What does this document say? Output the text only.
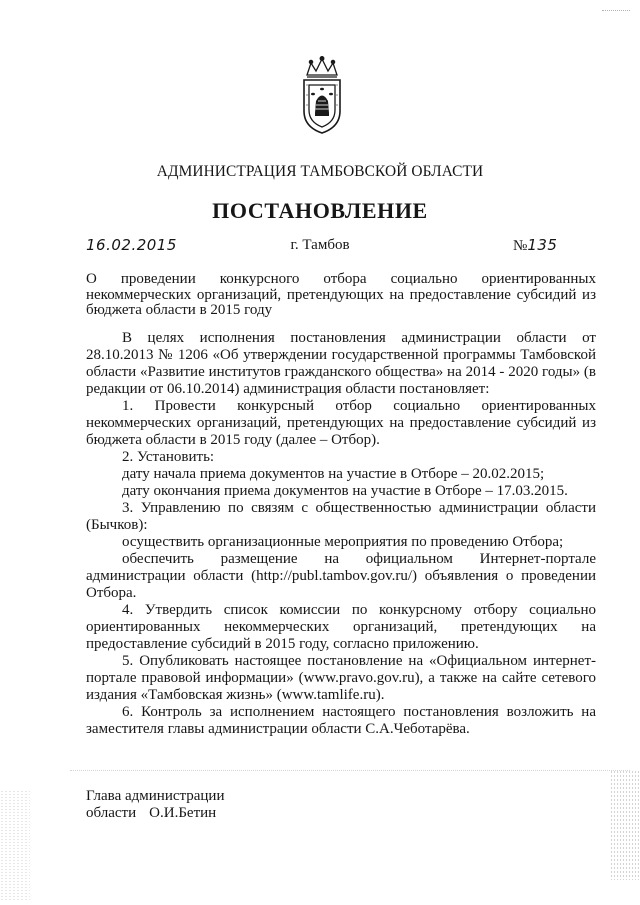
АДМИНИСТРАЦИЯ ТАМБОВСКОЙ ОБЛАСТИ
ПОСТАНОВЛЕНИЕ
16.02.2015	г. Тамбов	№135
О проведении конкурсного отбора социально ориентированных некоммерческих организаций, претендующих на предоставление субсидий из бюджета области в 2015 году

В целях исполнения постановления администрации области от 28.10.2013 № 1206 «Об утверждении государственной программы Тамбовской области «Развитие институтов гражданского общества» на 2014 - 2020 годы» (в редакции от 06.10.2014) администрация области постановляет:

1. Провести конкурсный отбор социально ориентированных некоммерческих организаций, претендующих на предоставление субсидий из бюджета области в 2015 году (далее – Отбор).

2. Установить:

дату начала приема документов на участие в Отборе – 20.02.2015;

дату окончания приема документов на участие в Отборе – 17.03.2015.

3. Управлению по связям с общественностью администрации области (Бычков):

осуществить организационные мероприятия по проведению Отбора;

обеспечить размещение на официальном Интернет-портале администрации области (http://publ.tambov.gov.ru/) объявления о проведении Отбора.

4. Утвердить список комиссии по конкурсному отбору социально ориентированных некоммерческих организаций, претендующих на предоставление субсидий в 2015 году, согласно приложению.

5. Опубликовать настоящее постановление на «Официальном интернет-портале правовой информации» (www.pravo.gov.ru), а также на сайте сетевого издания «Тамбовская жизнь» (www.tamlife.ru).

6. Контроль за исполнением настоящего постановления возложить на заместителя главы администрации области С.А.Чеботарёва.

Глава администрации
области О.И.Бетин
